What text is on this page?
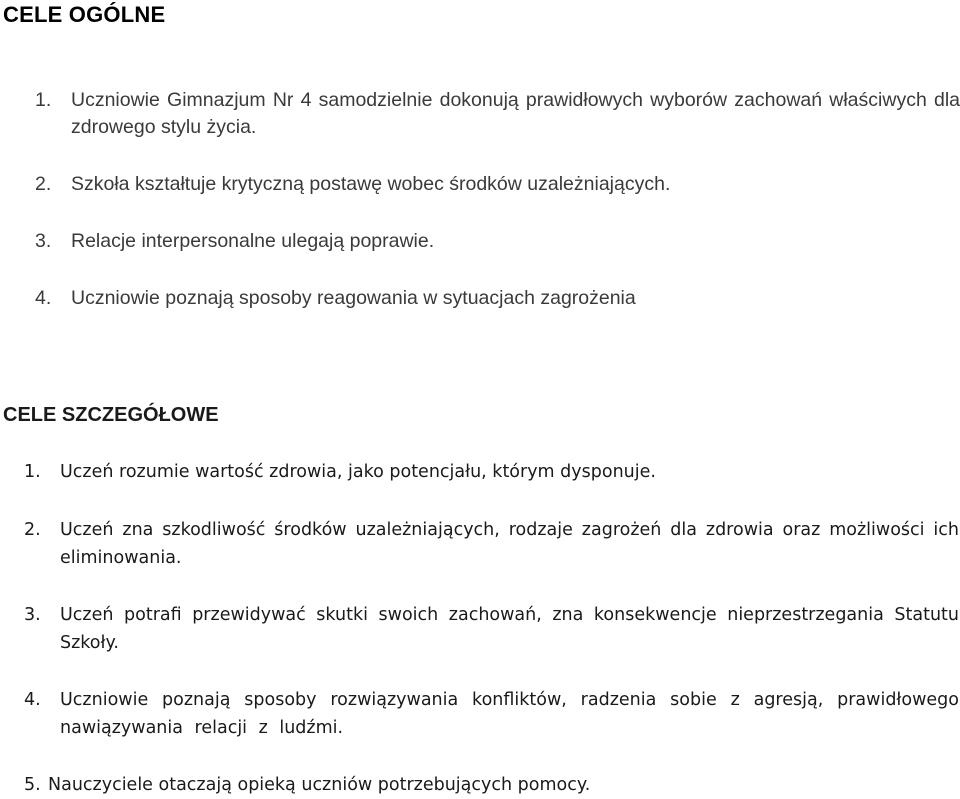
CELE OGÓLNE
1.	Uczniowie Gimnazjum Nr 4 samodzielnie dokonują prawidłowych wyborów zachowań właściwych dla zdrowego stylu życia.
2.	Szkoła kształtuje krytyczną postawę wobec środków uzależniających.
3.	Relacje interpersonalne ulegają poprawie.
4.	Uczniowie poznają sposoby reagowania w sytuacjach zagrożenia
CELE SZCZEGÓŁOWE
1.	Uczeń rozumie wartość zdrowia, jako potencjału, którym dysponuje.
2.	Uczeń zna szkodliwość środków uzależniających, rodzaje zagrożeń dla zdrowia oraz możliwości ich eliminowania.
3.	Uczeń potrafi przewidywać skutki swoich zachowań, zna konsekwencje nieprzestrzegania Statutu Szkoły.
4.	Uczniowie poznają sposoby rozwiązywania konfliktów, radzenia sobie z agresją, prawidłowego nawiązywania relacji z ludźmi.
5. Nauczyciele otaczają opieką uczniów potrzebujących pomocy.
